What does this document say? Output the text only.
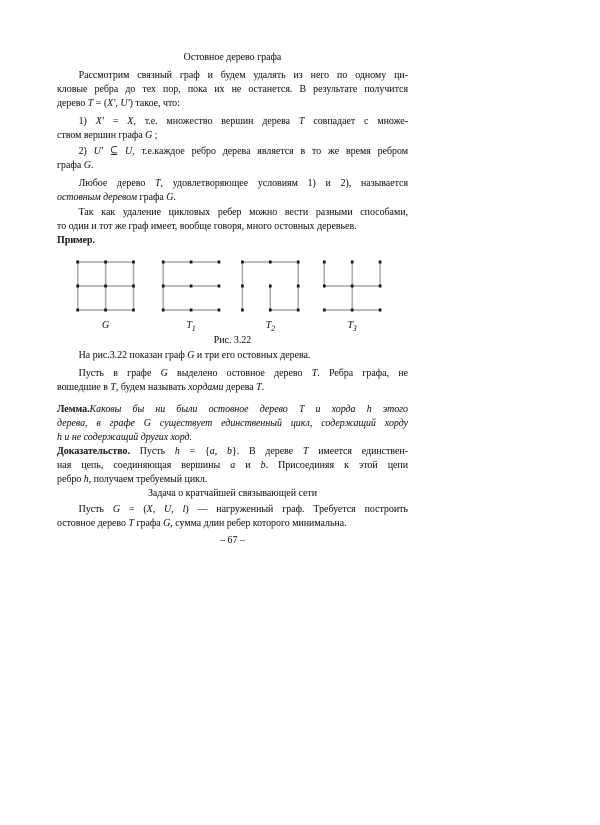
Остовное дерево графа
Рассмотрим связный граф и будем удалять из него по одному ци-
кловые ребра до тех пор, пока их не останется. В результате получится
дерево T = (X′, U′) такое, что:
1) X′ = X, т.е. множество вершин дерева T совпадает с множе-
ством вершин графа G ;
2) U′ ⊆ U, т.е.каждое ребро дерева является в то же время ребром
графа G.
Любое дерево T, удовлетворяющее условиям 1) и 2), называется
остовным деревом графа G.
Так как удаление цикловых ребер можно вести разными способами,
то один и тот же граф имеет, вообще говоря, много остовных деревьев.
Пример.
G	$T_1$	$T_2$	$T_3$
Рис. 3.22
На рис.3.22 показан граф G и три его остовных дерева.
Пусть в графе G выделено остовное дерево T. Ребра графа, не
вошедшие в T, будем называть хордами дерева T.
Лемма.Каковы бы ни были остовное дерево T и хорда h этого
дерева, в графе G существует единственный цикл, содержащий хорду
h и не содержащий других хорд.
Доказательство. Пусть h = {a, b}. В дереве T имеется единствен-
ная цепь, соединяющая вершины a и b. Присоединяя к этой цепи
ребро h, получаем требуемый цикл.
Задача о кратчайшей связывающей сети
Пусть G = (X, U, l) — нагруженный граф. Требуется построить
остовное дерево T графа G, сумма длин ребер которого минимальна.
– 67 –
